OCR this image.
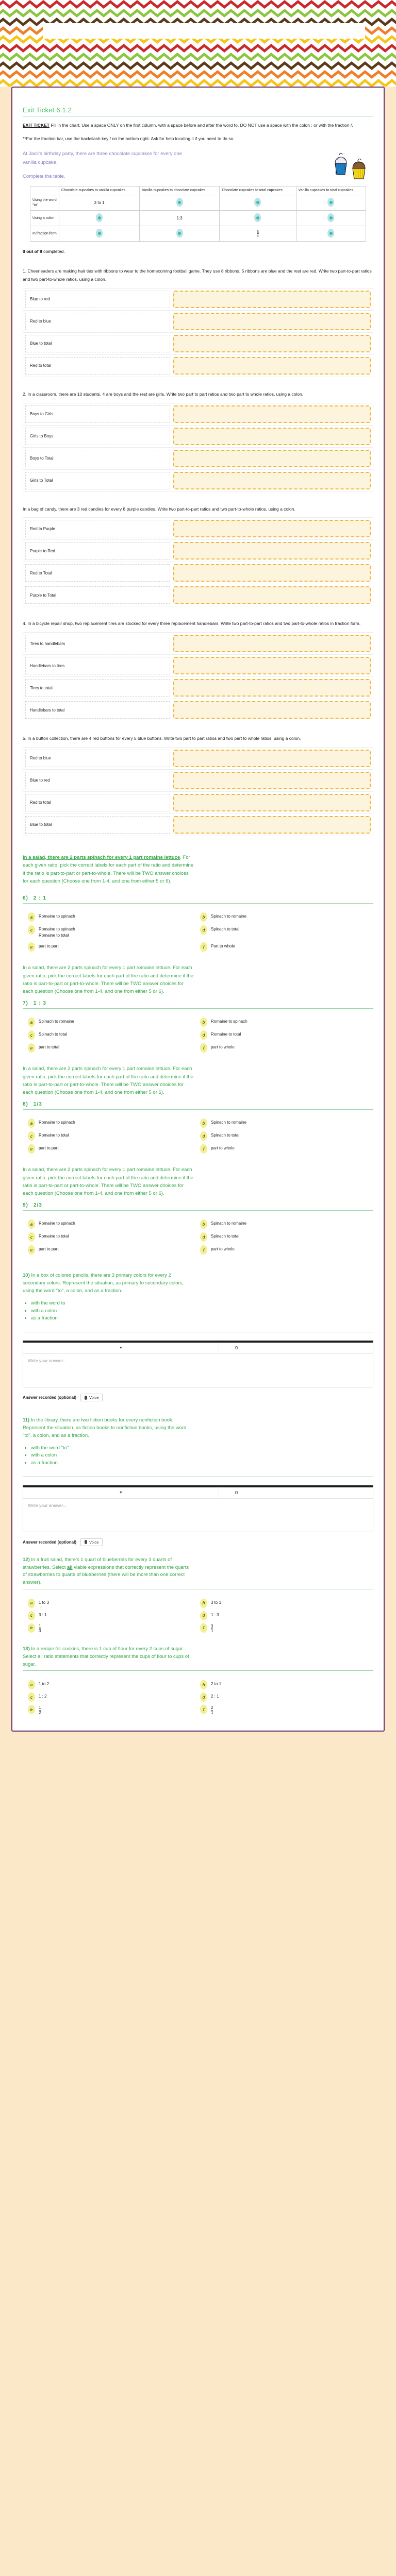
Exit Ticket 6.1.2

EXIT TICKET Fill in the chart. Use a space ONLY on the first column, with a space before and after the word to. DO NOT use a space with the colon : or with the fraction /.

**For the fraction bar, use the backslash key / on the bottom right. Ask for help locating it if you need to do so.

At Jack's birthday party, there are three chocolate cupcakes for every one vanilla cupcake.
Complete the table.
	Chocolate cupcakes to vanilla cupcakes	Vanilla cupcakes to chocolate cupcakes	Chocolate cupcakes to total cupcakes	Vanilla cupcakes to total cupcakes
Using the word "to"	3 to 1			
Using a colon		1:3		
In fraction form			$\frac{3}{4}$

0 out of 9 completed.

1. Cheerleaders are making hair ties with ribbons to wear to the homecoming football game. They use 8 ribbons. 5 ribbons are blue and the rest are red. Write two part-to-part ratios and two part-to-whole ratios, using a colon.

Blue to red
Red to blue
Blue to total
Red to total

2. In a classroom, there are 10 students. 4 are boys and the rest are girls. Write two part to part ratios and two part to whole ratios, using a colon.

Boys to Girls
Girls to Boys
Boys to Total
Girls to Total

In a bag of candy, there are 3 red candies for every 8 purple candies. Write two part-to-part ratios and two part-to-whole ratios, using a colon.

Red to Purple
Purple to Red
Red to Total
Purple to Total

4. In a bicycle repair shop, two replacement tires are stocked for every three replacement handlebars. Write two part-to-part ratios and two part-to-whole ratios in fraction form.

Tires to handlebars
Handlebars to tires
Tires to total
Handlebars to total

5. In a button collection, there are 4 red buttons for every 5 blue buttons. Write two part to part ratios and two part to whole ratios, using a colon.

Red to blue
Blue to red
Red to total
Blue to total
In a salad, there are 2 parts spinach for every 1 part romaine lettuce. For each given ratio, pick the correct labels for each part of the ratio and determine if the ratio is part-to-part or part-to-whole. There will be TWO answer choices for each question (Choose one from 1-4, and one from either 5 or 6).
6) 2 : 1
a	Romaine to spinach	b	Spinach to romaine
c	Romaine to spinach
Romaine to total
d	Spinach to total
e	part to part	f	Part to whole

In a salad, there are 2 parts spinach for every 1 part romaine lettuce. For each given ratio, pick the correct labels for each part of the ratio and determine if the ratio is part-to-part or part-to-whole. There will be TWO answer choices for each question (Choose one from 1-4, and one from either 5 or 6).

7) 1 : 3
a	Spinach to romaine	b	Romaine to spinach
c	Spinach to total	d	Romaine to total
e	part to total	f	part to whole

In a salad, there are 2 parts spinach for every 1 part romaine lettuce. For each given ratio, pick the correct labels for each part of the ratio and determine if the ratio is part-to-part or part-to-whole. There will be TWO answer choices for each question (Choose one from 1-4, and one from either 5 or 6).

8) 1/3
a	Romaine to spinach	b	Spinach to romaine
c	Romaine to total	d	Spinach to total
e	part to part	f	part to whole

In a salad, there are 2 parts spinach for every 1 part romaine lettuce. For each given ratio, pick the correct labels for each part of the ratio and determine if the ratio is part-to-part or part-to-whole. There will be TWO answer choices for each question (Choose one from 1-4, and one from either 5 or 6).

9) 2/3
a	Romaine to spinach	b	Spinach to romaine
c	Romaine to total	d	Spinach to total
e	part to part	f	part to whole

10) In a box of colored pencils, there are 3 primary colors for every 2 secondary colors. Represent the situation, as primary to secondary colors, using the word "to", a colon, and as a fraction.

• with the word to
• with a colon
• as a fraction
▼	Ω
Write your answer...
Answer recorded (optional)	Voice

11) In the library, there are two fiction books for every nonfiction book. Represent the situation, as fiction books to nonfiction books, using the word "to", a colon, and as a fraction.

• with the word "to"
• with a colon
• as a fraction
▼	Ω
Write your answer...
Answer recorded (optional)	Voice

12) In a fruit salad, there's 1 quart of blueberries for every 3 quarts of strawberries. Select all viable expressions that correctly represent the quarts of strawberries to quarts of blueberries (there will be more than one correct answer).

a	1 to 3	b	3 to 1
c	3 : 1	d	1 : 3
e	$\frac{1}{3}$	f	$\frac{3}{1}$

13) In a recipe for cookies, there is 1 cup of flour for every 2 cups of sugar. Select all ratio statements that correctly represent the cups of flour to cups of sugar.

a	1 to 2	b	2 to 1
c	1 : 2	d	2 : 1
e	$\frac{1}{2}$	f	$\frac{2}{1}$
